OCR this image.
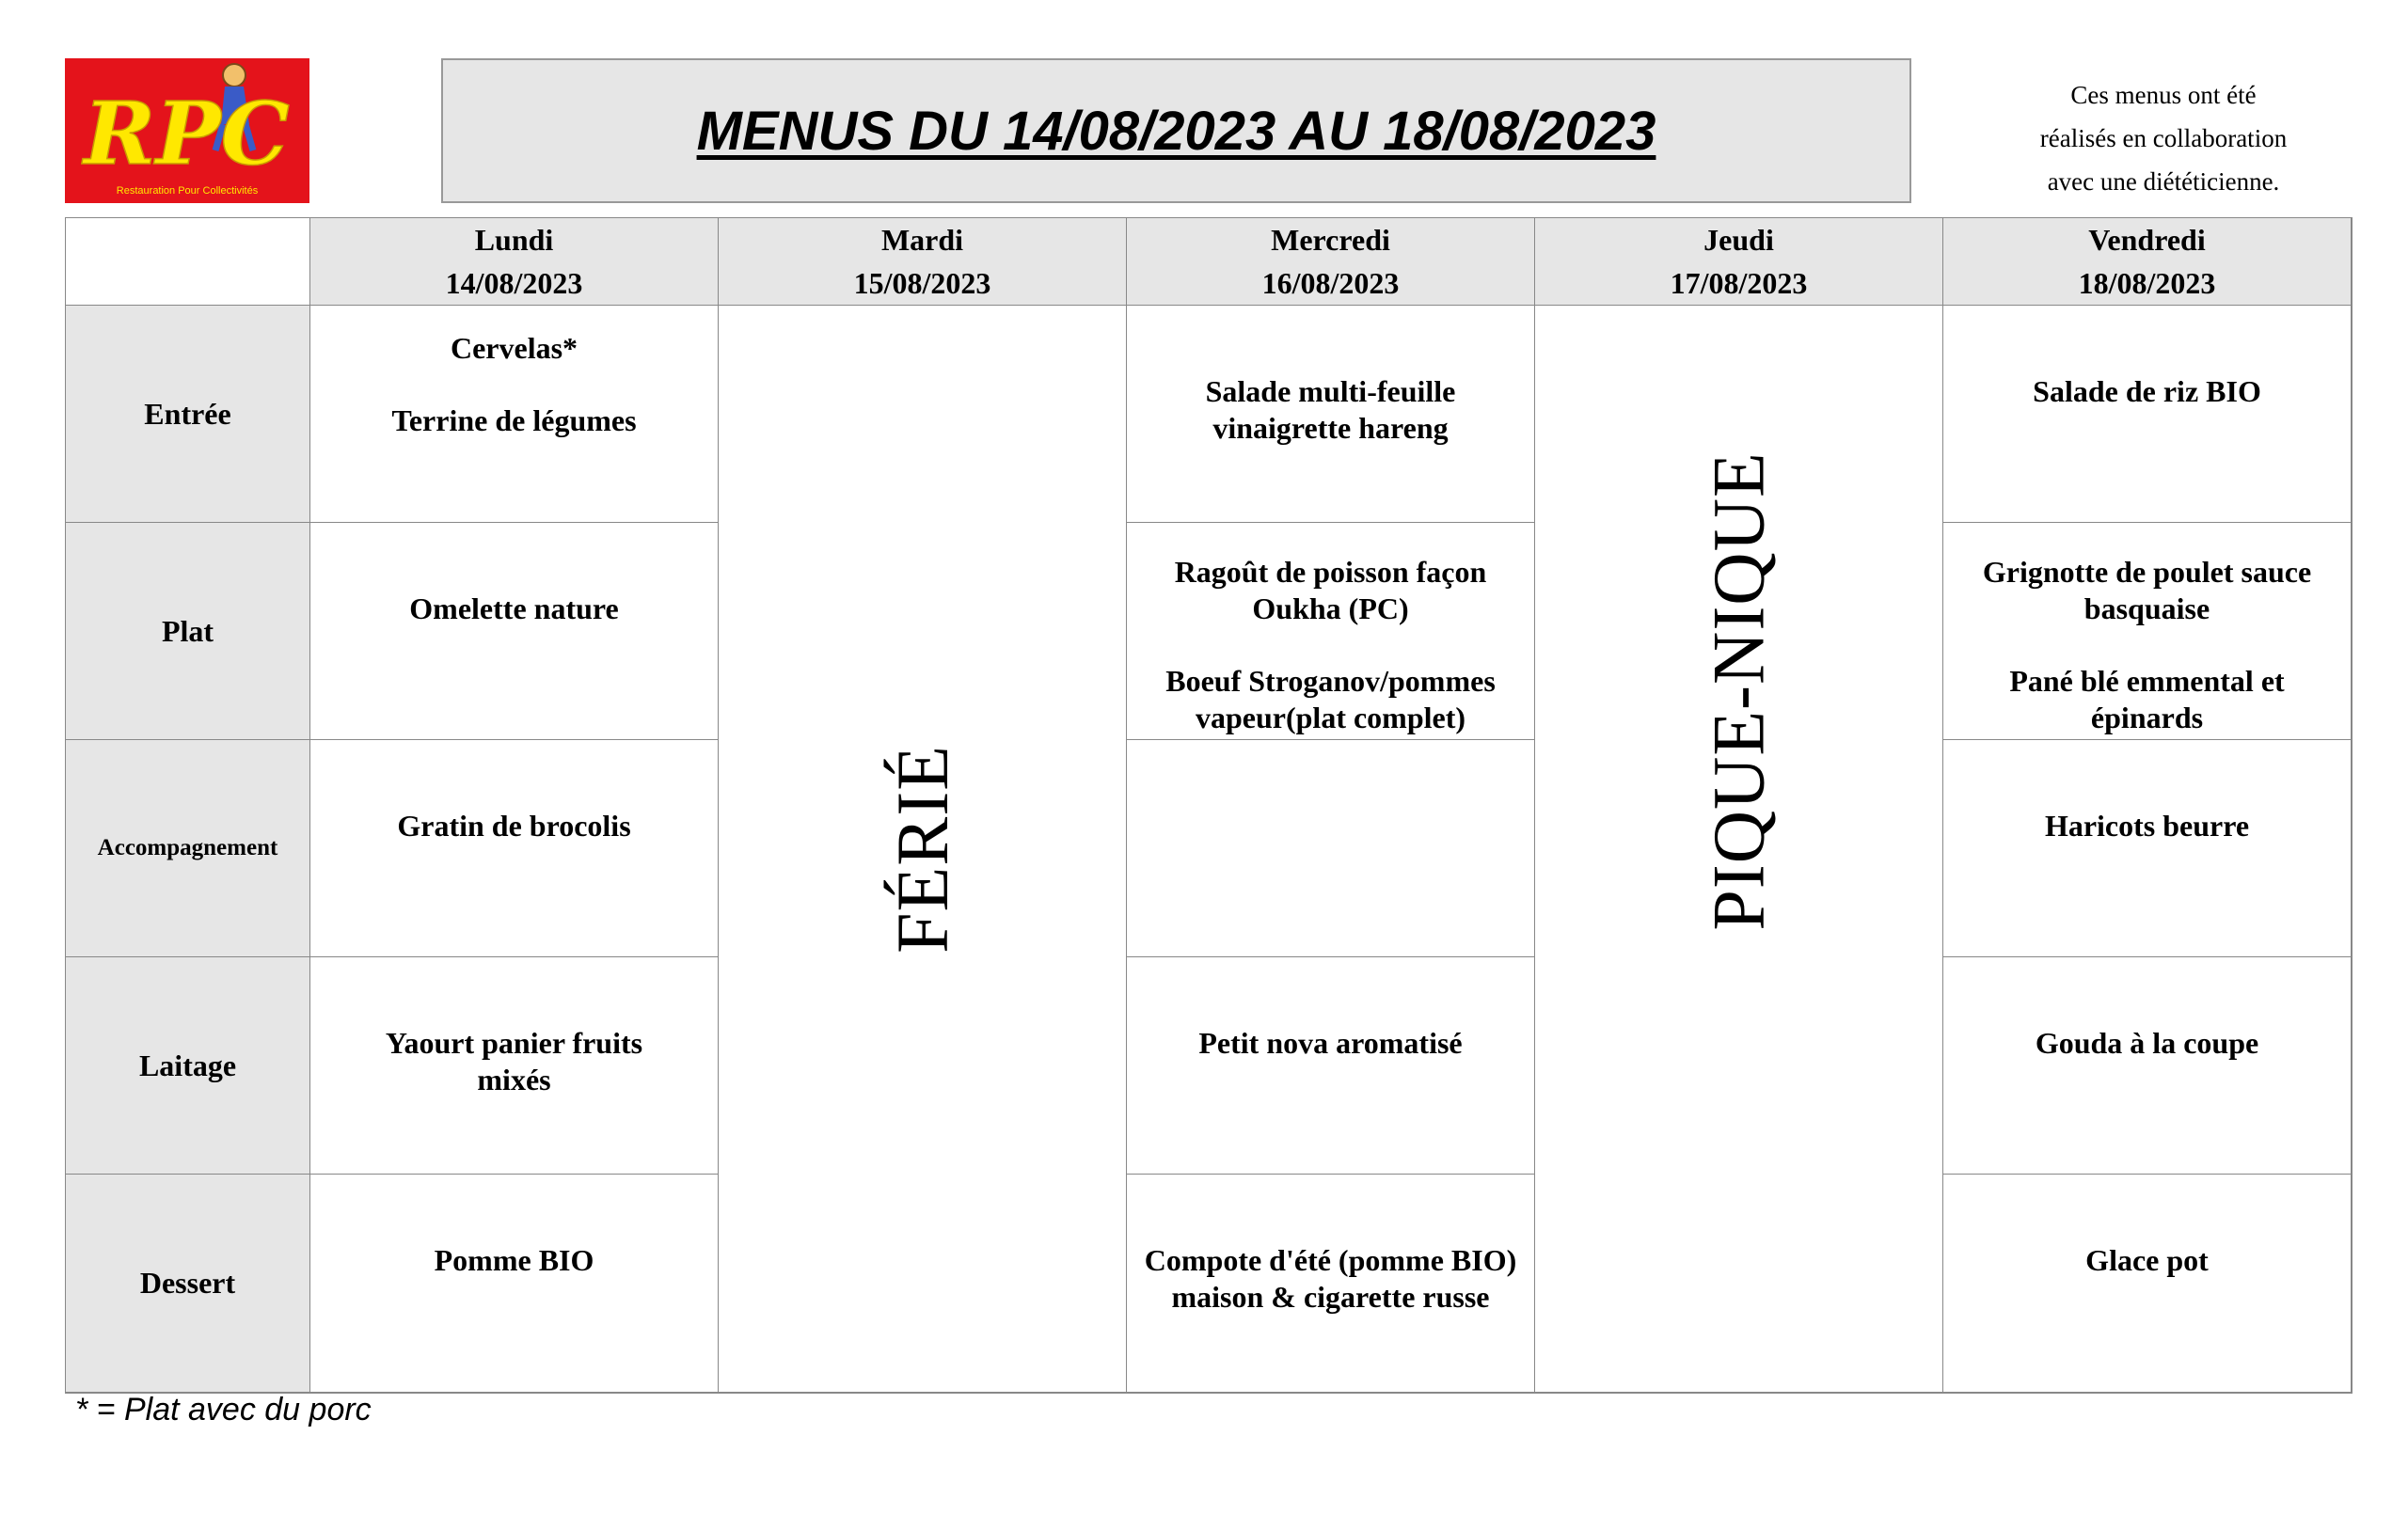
RPC
Restauration Pour Collectivités
MENUS DU 14/08/2023 AU 18/08/2023
Ces menus ont été
réalisés en collaboration
avec une diététicienne.
Lundi
14/08/2023
Mardi
15/08/2023
Mercredi
16/08/2023
Jeudi
17/08/2023
Vendredi
18/08/2023
Entrée
Plat
Accompagnement
Laitage
Dessert
Cervelas*
Terrine de légumes
Omelette nature
Gratin de brocolis
Yaourt panier fruits mixés
Pomme BIO
FÉRIÉ
Salade multi-feuille vinaigrette hareng
Ragoût de poisson façon Oukha (PC)
Boeuf Stroganov/pommes vapeur(plat complet)
Petit nova aromatisé
Compote d'été (pomme BIO) maison & cigarette russe
PIQUE-NIQUE
Salade de riz BIO
Grignotte de poulet sauce basquaise
Pané blé emmental et épinards
Haricots beurre
Gouda à la coupe
Glace pot
* = Plat avec du porc
